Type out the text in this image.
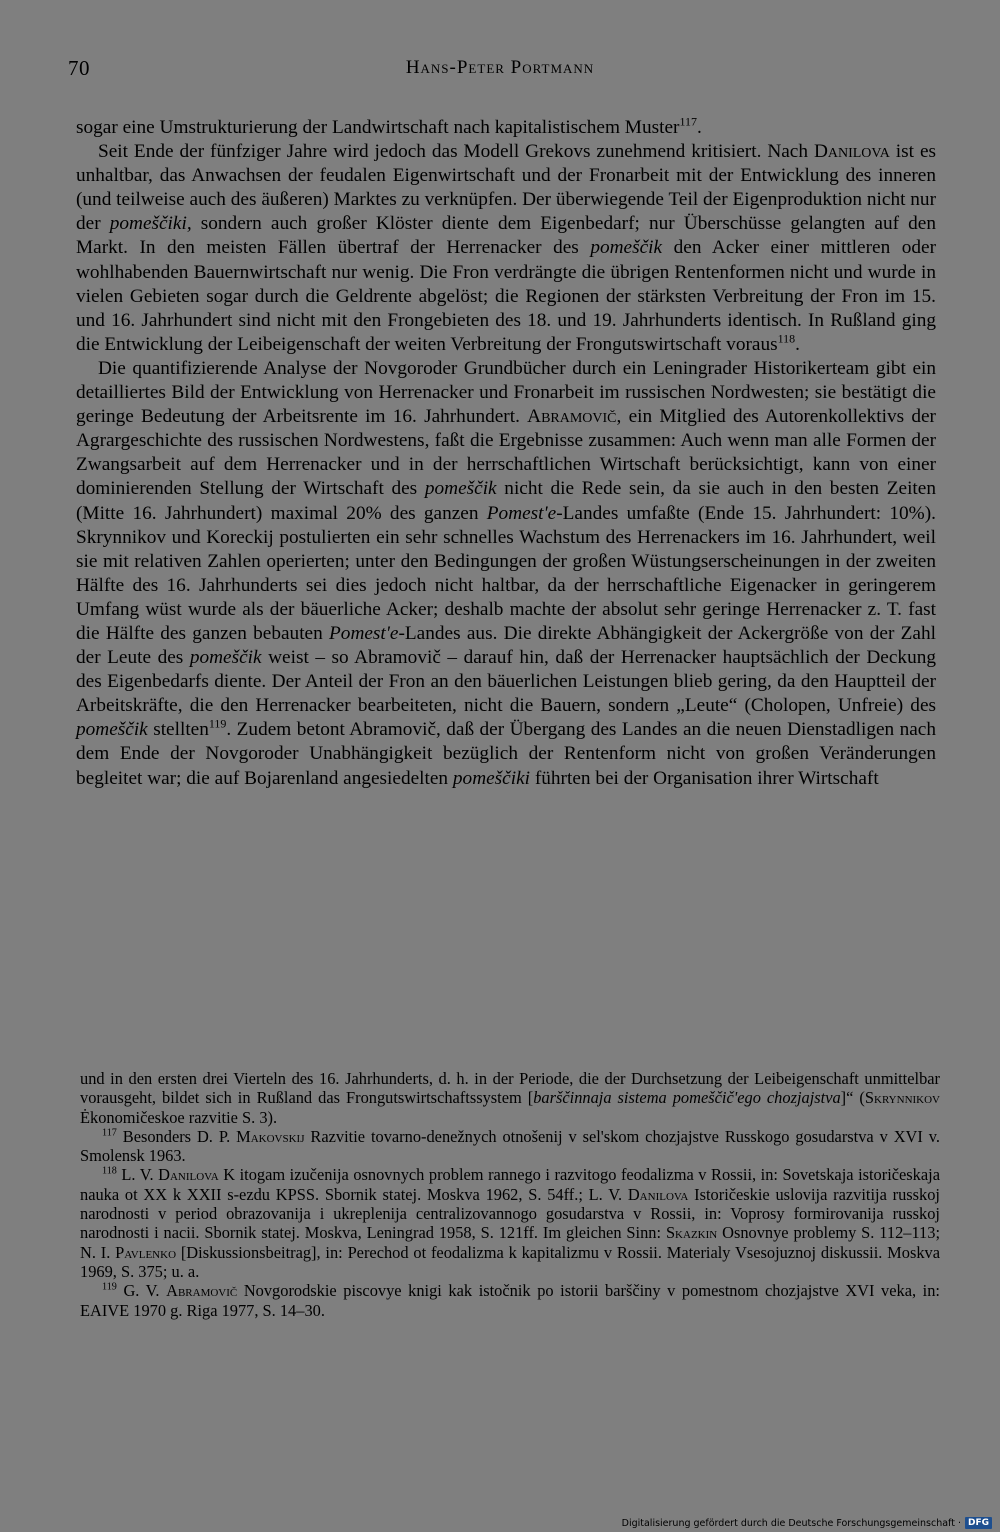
70	Hans-Peter Portmann

sogar eine Umstrukturierung der Landwirtschaft nach kapitalistischem Muster$^{117}$.

Seit Ende der fünfziger Jahre wird jedoch das Modell Grekovs zunehmend kritisiert. Nach Danilova ist es unhaltbar, das Anwachsen der feudalen Eigenwirtschaft und der Fronarbeit mit der Entwicklung des inneren (und teilweise auch des äußeren) Marktes zu verknüpfen. Der überwiegende Teil der Eigenproduktion nicht nur der pomeščiki, sondern auch großer Klöster diente dem Eigenbedarf; nur Überschüsse gelangten auf den Markt. In den meisten Fällen übertraf der Herrenacker des pomeščik den Acker einer mittleren oder wohlhabenden Bauernwirtschaft nur wenig. Die Fron verdrängte die übrigen Rentenformen nicht und wurde in vielen Gebieten sogar durch die Geldrente abgelöst; die Regionen der stärksten Verbreitung der Fron im 15. und 16. Jahrhundert sind nicht mit den Frongebieten des 18. und 19. Jahrhunderts identisch. In Rußland ging die Entwicklung der Leibeigenschaft der weiten Verbreitung der Frongutswirtschaft voraus$^{118}$.

Die quantifizierende Analyse der Novgoroder Grundbücher durch ein Leningrader Historikerteam gibt ein detailliertes Bild der Entwicklung von Herrenacker und Fronarbeit im russischen Nordwesten; sie bestätigt die geringe Bedeutung der Arbeitsrente im 16. Jahrhundert. Abramovič, ein Mitglied des Autorenkollektivs der Agrargeschichte des russischen Nordwestens, faßt die Ergebnisse zusammen: Auch wenn man alle Formen der Zwangsarbeit auf dem Herrenacker und in der herrschaftlichen Wirtschaft berücksichtigt, kann von einer dominierenden Stellung der Wirtschaft des pomeščik nicht die Rede sein, da sie auch in den besten Zeiten (Mitte 16. Jahrhundert) maximal 20% des ganzen Pomest'e-Landes umfaßte (Ende 15. Jahrhundert: 10%). Skrynnikov und Koreckij postulierten ein sehr schnelles Wachstum des Herrenackers im 16. Jahrhundert, weil sie mit relativen Zahlen operierten; unter den Bedingungen der großen Wüstungserscheinungen in der zweiten Hälfte des 16. Jahrhunderts sei dies jedoch nicht haltbar, da der herrschaftliche Eigenacker in geringerem Umfang wüst wurde als der bäuerliche Acker; deshalb machte der absolut sehr geringe Herrenacker z. T. fast die Hälfte des ganzen bebauten Pomest'e-Landes aus. Die direkte Abhängigkeit der Ackergröße von der Zahl der Leute des pomeščik weist – so Abramovič – darauf hin, daß der Herrenacker hauptsächlich der Deckung des Eigenbedarfs diente. Der Anteil der Fron an den bäuerlichen Leistungen blieb gering, da den Hauptteil der Arbeitskräfte, die den Herrenacker bearbeiteten, nicht die Bauern, sondern „Leute“ (Cholopen, Unfreie) des pomeščik stellten$^{119}$. Zudem betont Abramovič, daß der Übergang des Landes an die neuen Dienstadligen nach dem Ende der Novgoroder Unabhängigkeit bezüglich der Rentenform nicht von großen Veränderungen begleitet war; die auf Bojarenland angesiedelten pomeščiki führten bei der Organisation ihrer Wirtschaft

und in den ersten drei Vierteln des 16. Jahrhunderts, d. h. in der Periode, die der Durchsetzung der Leibeigenschaft unmittelbar vorausgeht, bildet sich in Rußland das Frongutswirtschaftssystem [barščinnaja sistema pomeščič'ego chozjajstva]“ (Skrynnikov Ėkonomičeskoe razvitie S. 3).

$^{117}$ Besonders D. P. Makovskij Razvitie tovarno-denežnych otnošenij v sel'skom chozjajstve Russkogo gosudarstva v XVI v. Smolensk 1963.

$^{118}$ L. V. Danilova K itogam izučenija osnovnych problem rannego i razvitogo feodalizma v Rossii, in: Sovetskaja istoričeskaja nauka ot XX k XXII s-ezdu KPSS. Sbornik statej. Moskva 1962, S. 54ff.; L. V. Danilova Istoričeskie uslovija razvitija russkoj narodnosti v period obrazovanija i ukreplenija centralizovannogo gosudarstva v Rossii, in: Voprosy formirovanija russkoj narodnosti i nacii. Sbornik statej. Moskva, Leningrad 1958, S. 121ff. Im gleichen Sinn: Skazkin Osnovnye problemy S. 112–113; N. I. Pavlenko [Diskussionsbeitrag], in: Perechod ot feodalizma k kapitalizmu v Rossii. Materialy Vsesojuznoj diskussii. Moskva 1969, S. 375; u. a.

$^{119}$ G. V. Abramovič Novgorodskie piscovye knigi kak istočnik po istorii barščiny v pomestnom chozjajstve XVI veka, in: EAIVE 1970 g. Riga 1977, S. 14–30.

Digitalisierung gefördert durch die Deutsche Forschungsgemeinschaft · DFG
